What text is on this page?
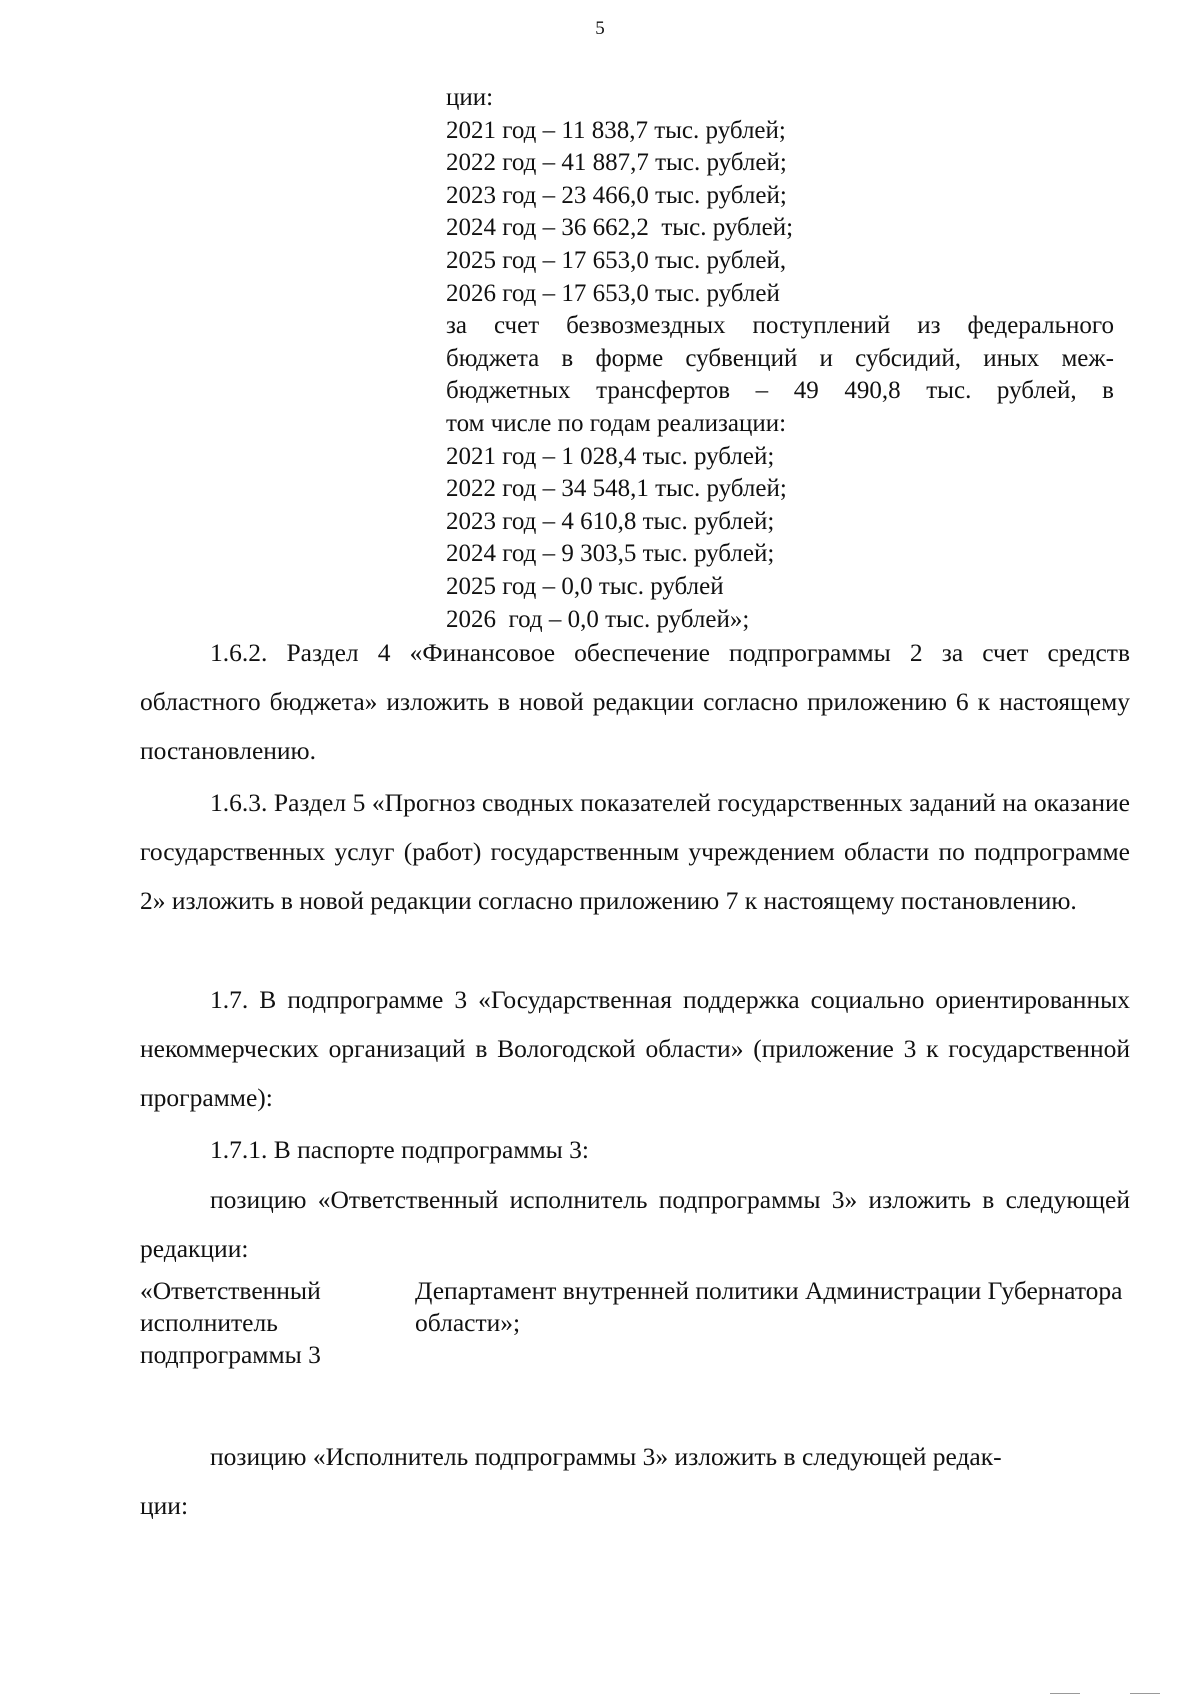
5
ции:
2021 год – 11 838,7 тыс. рублей;
2022 год – 41 887,7 тыс. рублей;
2023 год – 23 466,0 тыс. рублей;
2024 год – 36 662,2  тыс. рублей;
2025 год – 17 653,0 тыс. рублей,
2026 год – 17 653,0 тыс. рублей
за счет безвозмездных поступлений из федерального
бюджета в форме субвенций и субсидий, иных меж-
бюджетных трансфертов – 49 490,8 тыс. рублей, в
том числе по годам реализации:
2021 год – 1 028,4 тыс. рублей;
2022 год – 34 548,1 тыс. рублей;
2023 год – 4 610,8 тыс. рублей;
2024 год – 9 303,5 тыс. рублей;
2025 год – 0,0 тыс. рублей
2026  год – 0,0 тыс. рублей»;

1.6.2. Раздел 4 «Финансовое обеспечение подпрограммы 2 за счет средств областного бюджета» изложить в новой редакции согласно приложению 6 к настоящему постановлению.

1.6.3. Раздел 5 «Прогноз сводных показателей государственных заданий на оказание государственных услуг (работ) государственным учреждением области по подпрограмме 2» изложить в новой редакции согласно приложению 7 к настоящему постановлению.

1.7. В подпрограмме 3 «Государственная поддержка социально ориентированных некоммерческих организаций в Вологодской области» (приложение 3 к государственной программе):

1.7.1. В паспорте подпрограммы 3:

позицию «Ответственный исполнитель подпрограммы 3» изложить в следующей редакции:

«Ответственный исполнитель подпрограммы 3
Департамент внутренней политики Администрации Губернатора области»;

позицию «Исполнитель подпрограммы 3» изложить в следующей редак-

ции:
